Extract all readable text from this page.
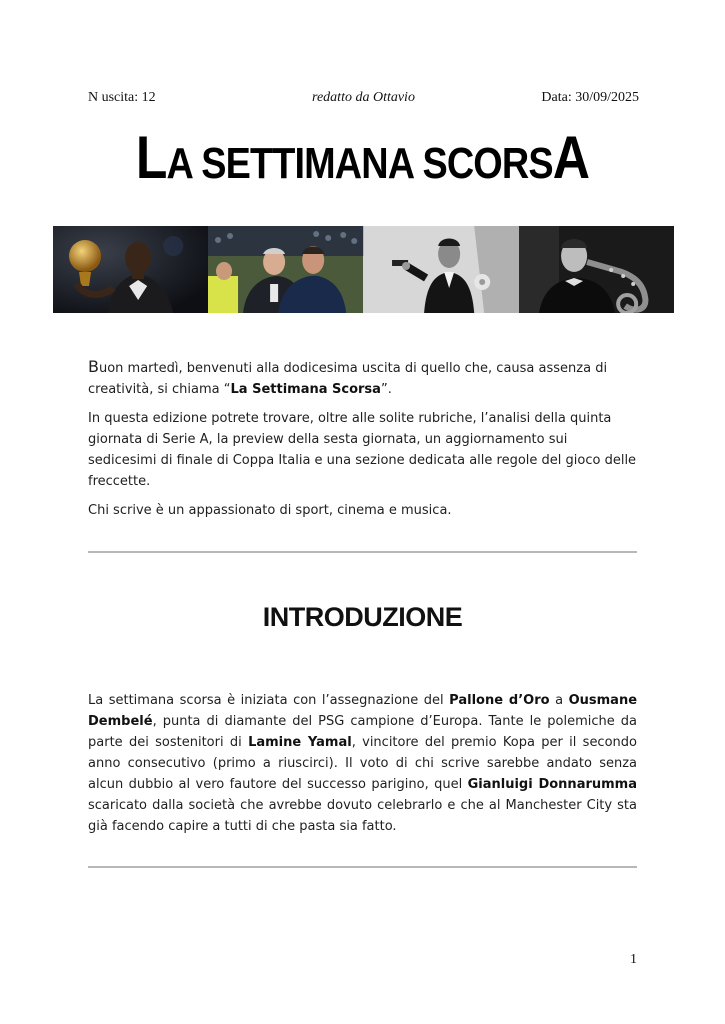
N uscita: 12	redatto da Ottavio	Data: 30/09/2025
LA SETTIMANA SCORSA

Buon martedì, benvenuti alla dodicesima uscita di quello che, causa assenza di creatività, si chiama “La Settimana Scorsa”.

In questa edizione potrete trovare, oltre alle solite rubriche, l’analisi della quinta giornata di Serie A, la preview della sesta giornata, un aggiornamento sui sedicesimi di finale di Coppa Italia e una sezione dedicata alle regole del gioco delle freccette.

Chi scrive è un appassionato di sport, cinema e musica.

INTRODUZIONE

La settimana scorsa è iniziata con l’assegnazione del Pallone d’Oro a Ousmane Dembelé, punta di diamante del PSG campione d’Europa. Tante le polemiche da parte dei sostenitori di Lamine Yamal, vincitore del premio Kopa per il secondo anno consecutivo (primo a riuscirci). Il voto di chi scrive sarebbe andato senza alcun dubbio al vero fautore del successo parigino, quel Gianluigi Donnarumma scaricato dalla società che avrebbe dovuto celebrarlo e che al Manchester City sta già facendo capire a tutti di che pasta sia fatto.

1
